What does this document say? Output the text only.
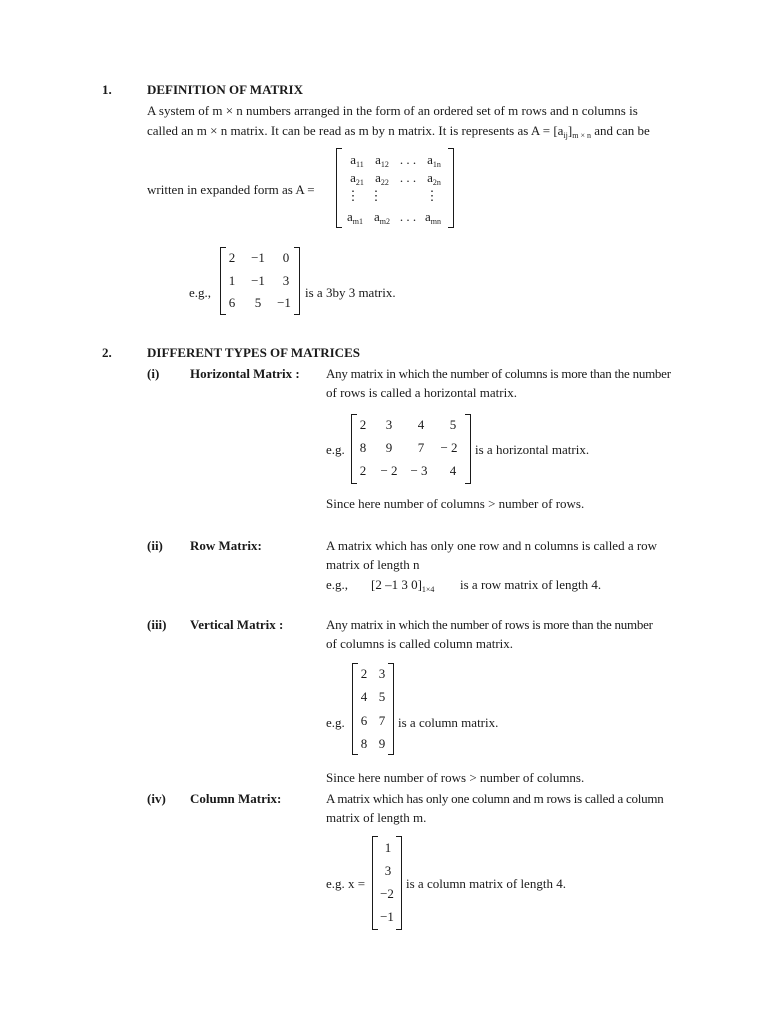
1.	DEFINITION OF MATRIX
A system of m × n numbers arranged in the form of an ordered set of m rows and n columns is
called an m × n matrix. It can be read as m by n matrix. It is represents as $A = [a_{ij}]_{m \times n}$ and can be
written in expanded form as A =
$a_{11}$ $a_{12}$ . . . $a_{1n}$
$a_{21}$ $a_{22}$ . . . $a_{2n}$
⋮ ⋮	⋮
$a_{m1}$ $a_{m2}$ . . . $a_{mn}$
e.g.,
2 −1 0
1 −1 3
6 5 −1
is a 3by 3 matrix.
2.	DIFFERENT TYPES OF MATRICES
(i) Horizontal Matrix : Any matrix in which the number of columns is more than the number
of rows is called a horizontal matrix.
e.g.
2 3 4 5
8 9 7 − 2
2 − 2 − 3 4
is a horizontal matrix.
Since here number of columns > number of rows.
(ii) Row Matrix:	A matrix which has only one row and n columns is called a row
matrix of length n
e.g., [2 –1 3 $0]_{1\times 4}$ is a row matrix of length 4.
(iii) Vertical Matrix :	Any matrix in which the number of rows is more than the number
of columns is called column matrix.
e.g.
2 3
4 5
6 7
8 9
is a column matrix.
Since here number of rows > number of columns.
(iv) Column Matrix:	A matrix which has only one column and m rows is called a column
matrix of length m.
e.g. x =
1
3
−2
−1
is a column matrix of length 4.
